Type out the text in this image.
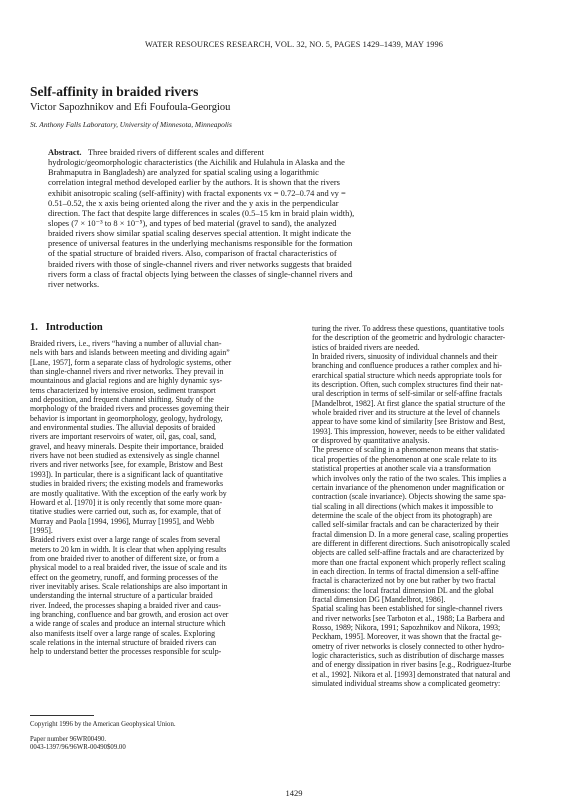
WATER RESOURCES RESEARCH, VOL. 32, NO. 5, PAGES 1429–1439, MAY 1996
Self-affinity in braided rivers
Victor Sapozhnikov and Efi Foufoula-Georgiou
St. Anthony Falls Laboratory, University of Minnesota, Minneapolis
Abstract. Three braided rivers of different scales and different
hydrologic/geomorphologic characteristics (the Aichilik and Hulahula in Alaska and the
Brahmaputra in Bangladesh) are analyzed for spatial scaling using a logarithmic
correlation integral method developed earlier by the authors. It is shown that the rivers
exhibit anisotropic scaling (self-affinity) with fractal exponents νx = 0.72–0.74 and νy =
0.51–0.52, the x axis being oriented along the river and the y axis in the perpendicular
direction. The fact that despite large differences in scales (0.5–15 km in braid plain width),
slopes (7 × 10⁻³ to 8 × 10⁻⁵), and types of bed material (gravel to sand), the analyzed
braided rivers show similar spatial scaling deserves special attention. It might indicate the
presence of universal features in the underlying mechanisms responsible for the formation
of the spatial structure of braided rivers. Also, comparison of fractal characteristics of
braided rivers with those of single-channel rivers and river networks suggests that braided
rivers form a class of fractal objects lying between the classes of single-channel rivers and
river networks.
1. Introduction
Braided rivers, i.e., rivers “having a number of alluvial chan-
nels with bars and islands between meeting and dividing again”
[Lane, 1957], form a separate class of hydrologic systems, other
than single-channel rivers and river networks. They prevail in
mountainous and glacial regions and are highly dynamic sys-
tems characterized by intensive erosion, sediment transport
and deposition, and frequent channel shifting. Study of the
morphology of the braided rivers and processes governing their
behavior is important in geomorphology, geology, hydrology,
and environmental studies. The alluvial deposits of braided
rivers are important reservoirs of water, oil, gas, coal, sand,
gravel, and heavy minerals. Despite their importance, braided
rivers have not been studied as extensively as single channel
rivers and river networks [see, for example, Bristow and Best
1993]). In particular, there is a significant lack of quantitative
studies in braided rivers; the existing models and frameworks
are mostly qualitative. With the exception of the early work by
Howard et al. [1970] it is only recently that some more quan-
titative studies were carried out, such as, for example, that of
Murray and Paola [1994, 1996], Murray [1995], and Webb
[1995].
Braided rivers exist over a large range of scales from several
meters to 20 km in width. It is clear that when applying results
from one braided river to another of different size, or from a
physical model to a real braided river, the issue of scale and its
effect on the geometry, runoff, and forming processes of the
river inevitably arises. Scale relationships are also important in
understanding the internal structure of a particular braided
river. Indeed, the processes shaping a braided river and caus-
ing branching, confluence and bar growth, and erosion act over
a wide range of scales and produce an internal structure which
also manifests itself over a large range of scales. Exploring
scale relations in the internal structure of braided rivers can
help to understand better the processes responsible for sculp-
turing the river. To address these questions, quantitative tools
for the description of the geometric and hydrologic character-
istics of braided rivers are needed.
In braided rivers, sinuosity of individual channels and their
branching and confluence produces a rather complex and hi-
erarchical spatial structure which needs appropriate tools for
its description. Often, such complex structures find their nat-
ural description in terms of self-similar or self-affine fractals
[Mandelbrot, 1982]. At first glance the spatial structure of the
whole braided river and its structure at the level of channels
appear to have some kind of similarity [see Bristow and Best,
1993]. This impression, however, needs to be either validated
or disproved by quantitative analysis.
The presence of scaling in a phenomenon means that statis-
tical properties of the phenomenon at one scale relate to its
statistical properties at another scale via a transformation
which involves only the ratio of the two scales. This implies a
certain invariance of the phenomenon under magnification or
contraction (scale invariance). Objects showing the same spa-
tial scaling in all directions (which makes it impossible to
determine the scale of the object from its photograph) are
called self-similar fractals and can be characterized by their
fractal dimension D. In a more general case, scaling properties
are different in different directions. Such anisotropically scaled
objects are called self-affine fractals and are characterized by
more than one fractal exponent which properly reflect scaling
in each direction. In terms of fractal dimension a self-affine
fractal is characterized not by one but rather by two fractal
dimensions: the local fractal dimension DL and the global
fractal dimension DG [Mandelbrot, 1986].
Spatial scaling has been established for single-channel rivers
and river networks [see Tarboton et al., 1988; La Barbera and
Rosso, 1989; Nikora, 1991; Sapozhnikov and Nikora, 1993;
Peckham, 1995]. Moreover, it was shown that the fractal ge-
ometry of river networks is closely connected to other hydro-
logic characteristics, such as distribution of discharge masses
and of energy dissipation in river basins [e.g., Rodriguez-Iturbe
et al., 1992]. Nikora et al. [1993] demonstrated that natural and
simulated individual streams show a complicated geometry:
Copyright 1996 by the American Geophysical Union.
Paper number 96WR00490.
0043-1397/96/96WR-00490$09.00
1429
